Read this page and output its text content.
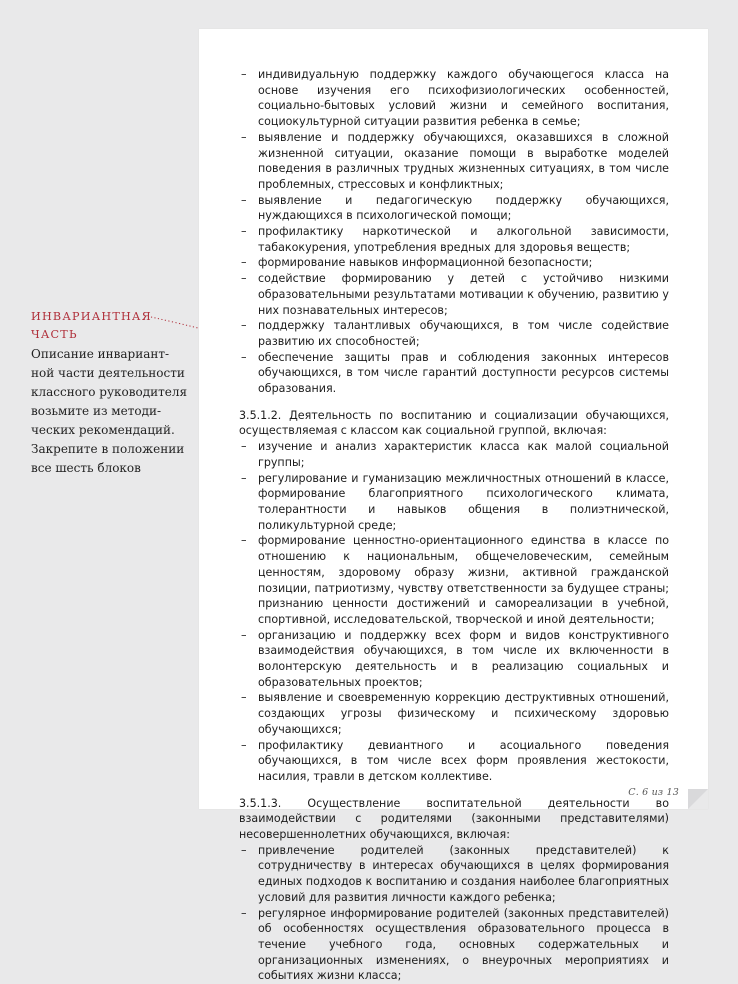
ИНВАРИАНТНАЯ
ЧАСТЬ

Описание инвариант-
ной части деятельности
классного руководителя
возьмите из методи-
ческих рекомендаций.
Закрепите в положении
все шесть блоков

– индивидуальную поддержку каждого обучающегося класса на основе изучения его психофизиологических особенностей, социально-бытовых условий жизни и семейного воспитания, социокультурной ситуации развития ребенка в семье;
– выявление и поддержку обучающихся, оказавшихся в сложной жизненной ситуации, оказание помощи в выработке моделей поведения в различных трудных жизненных ситуациях, в том числе проблемных, стрессовых и конфликтных;
– выявление и педагогическую поддержку обучающихся, нуждающихся в психологической помощи;
– профилактику наркотической и алкогольной зависимости, табакокурения, употребления вредных для здоровья веществ;
– формирование навыков информационной безопасности;
– содействие формированию у детей с устойчиво низкими образовательными результатами мотивации к обучению, развитию у них познавательных интересов;
– поддержку талантливых обучающихся, в том числе содействие развитию их способностей;
– обеспечение защиты прав и соблюдения законных интересов обучающихся, в том числе гарантий доступности ресурсов системы образования.

3.5.1.2. Деятельность по воспитанию и социализации обучающихся, осуществляемая с классом как социальной группой, включая:

– изучение и анализ характеристик класса как малой социальной группы;
– регулирование и гуманизацию межличностных отношений в классе, формирование благоприятного психологического климата, толерантности и навыков общения в полиэтнической, поликультурной среде;
– формирование ценностно-ориентационного единства в классе по отношению к национальным, общечеловеческим, семейным ценностям, здоровому образу жизни, активной гражданской позиции, патриотизму, чувству ответственности за будущее страны; признанию ценности достижений и самореализации в учебной, спортивной, исследовательской, творческой и иной деятельности;
– организацию и поддержку всех форм и видов конструктивного взаимодействия обучающихся, в том числе их включенности в волонтерскую деятельность и в реализацию социальных и образовательных проектов;
– выявление и своевременную коррекцию деструктивных отношений, создающих угрозы физическому и психическому здоровью обучающихся;
– профилактику девиантного и асоциального поведения обучающихся, в том числе всех форм проявления жестокости, насилия, травли в детском коллективе.

3.5.1.3. Осуществление воспитательной деятельности во взаимодействии с родителями (законными представителями) несовершеннолетних обучающихся, включая:

– привлечение родителей (законных представителей) к сотрудничеству в интересах обучающихся в целях формирования единых подходов к воспитанию и создания наиболее благоприятных условий для развития личности каждого ребенка;
– регулярное информирование родителей (законных представителей) об особенностях осуществления образовательного процесса в течение учебного года, основных содержательных и организационных изменениях, о внеурочных мероприятиях и событиях жизни класса;
С. 6 из 13
